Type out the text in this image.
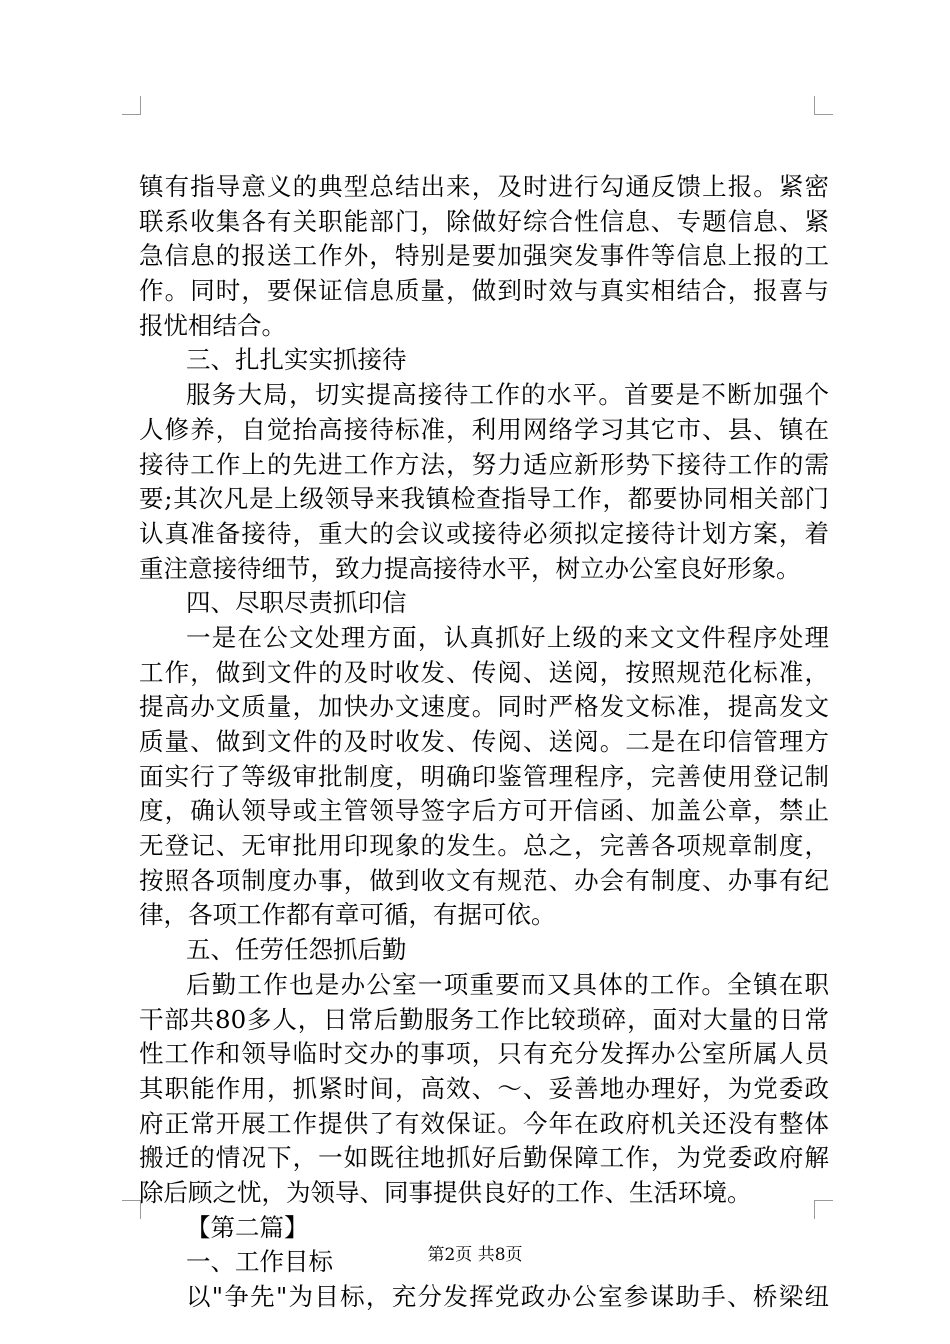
镇有指导意义的典型总结出来，及时进行勾通反馈上报。紧密
联系收集各有关职能部门，除做好综合性信息、专题信息、紧
急信息的报送工作外，特别是要加强突发事件等信息上报的工
作。同时，要保证信息质量，做到时效与真实相结合，报喜与
报忧相结合。
三、扎扎实实抓接待
服务大局，切实提高接待工作的水平。首要是不断加强个
人修养，自觉抬高接待标准，利用网络学习其它市、县、镇在
接待工作上的先进工作方法，努力适应新形势下接待工作的需
要;其次凡是上级领导来我镇检查指导工作，都要协同相关部门
认真准备接待，重大的会议或接待必须拟定接待计划方案，着
重注意接待细节，致力提高接待水平，树立办公室良好形象。
四、尽职尽责抓印信
一是在公文处理方面，认真抓好上级的来文文件程序处理
工作，做到文件的及时收发、传阅、送阅，按照规范化标准，
提高办文质量，加快办文速度。同时严格发文标准，提高发文
质量、做到文件的及时收发、传阅、送阅。二是在印信管理方
面实行了等级审批制度，明确印鉴管理程序，完善使用登记制
度，确认领导或主管领导签字后方可开信函、加盖公章，禁止
无登记、无审批用印现象的发生。总之，完善各项规章制度，
按照各项制度办事，做到收文有规范、办会有制度、办事有纪
律，各项工作都有章可循，有据可依。
五、任劳任怨抓后勤
后勤工作也是办公室一项重要而又具体的工作。全镇在职
干部共80多人，日常后勤服务工作比较琐碎，面对大量的日常
性工作和领导临时交办的事项，只有充分发挥办公室所属人员
其职能作用，抓紧时间，高效、～、妥善地办理好，为党委政
府正常开展工作提供了有效保证。今年在政府机关还没有整体
搬迁的情况下，一如既往地抓好后勤保障工作，为党委政府解
除后顾之忧，为领导、同事提供良好的工作、生活环境。
【第二篇】
一、工作目标
以"争先"为目标，充分发挥党政办公室参谋助手、桥梁纽
第2页 共8页
